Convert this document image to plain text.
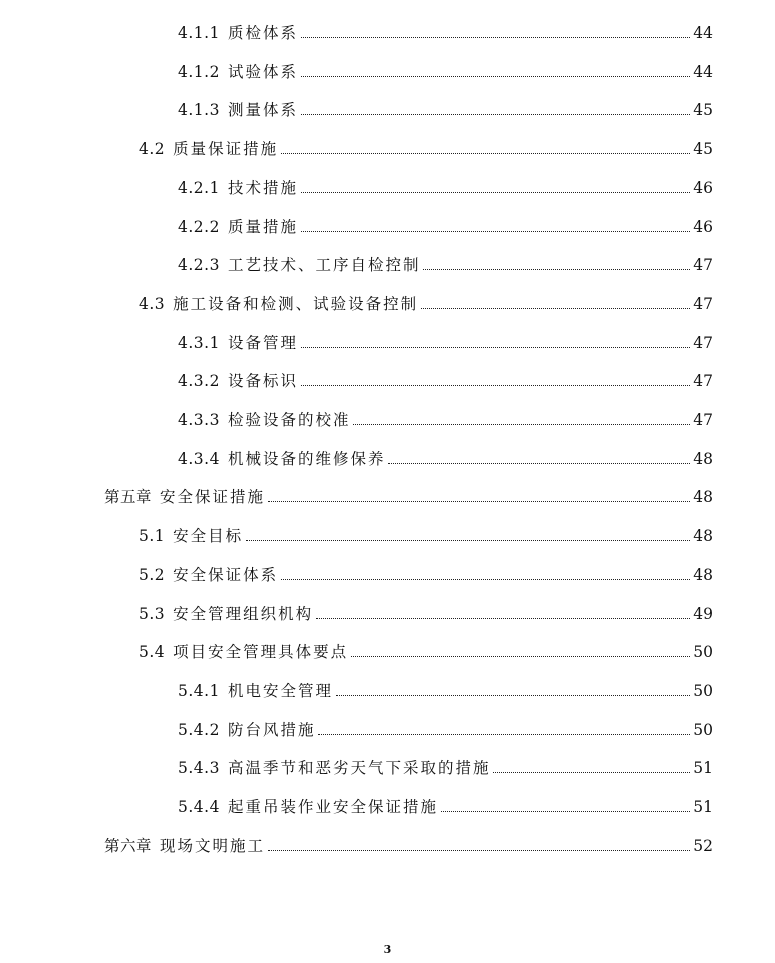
4.1.1 质检体系	44
4.1.2 试验体系	44
4.1.3 测量体系	45
4.2 质量保证措施	45
4.2.1 技术措施	46
4.2.2 质量措施	46
4.2.3 工艺技术、工序自检控制	47
4.3 施工设备和检测、试验设备控制	47
4.3.1 设备管理	47
4.3.2 设备标识	47
4.3.3 检验设备的校准	47
4.3.4 机械设备的维修保养	48
第五章 安全保证措施	48
5.1 安全目标	48
5.2 安全保证体系	48
5.3 安全管理组织机构	49
5.4 项目安全管理具体要点	50
5.4.1 机电安全管理	50
5.4.2 防台风措施	50
5.4.3 高温季节和恶劣天气下采取的措施	51
5.4.4 起重吊装作业安全保证措施	51
第六章 现场文明施工	52
3
